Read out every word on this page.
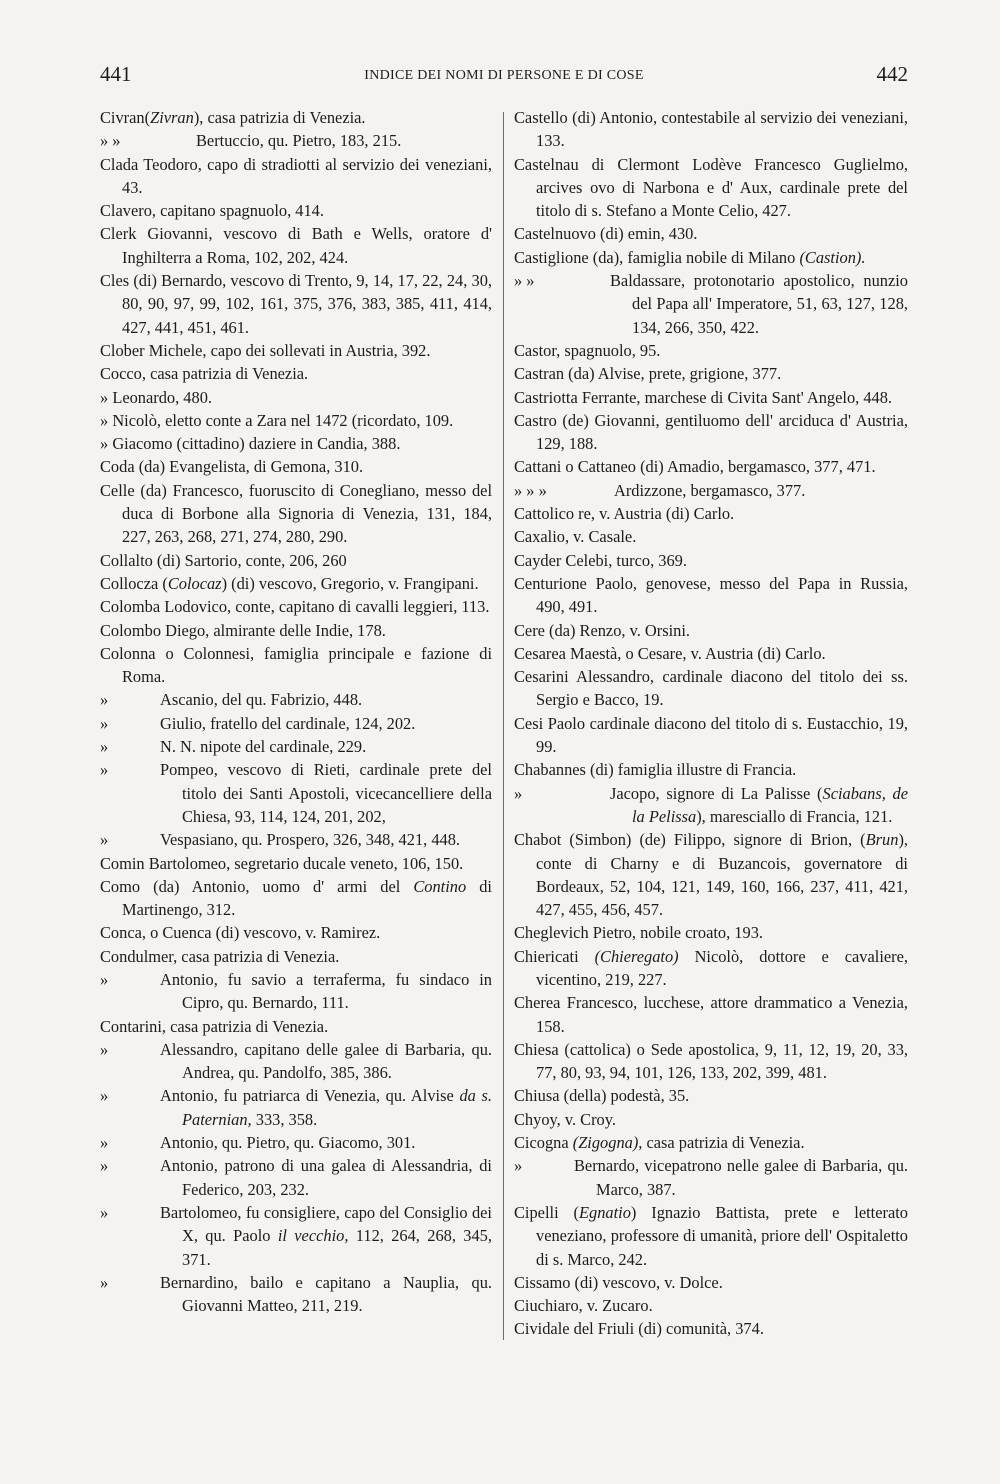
441	INDICE DEI NOMI DI PERSONE E DI COSE	442

Civran(Zivran), casa patrizia di Venezia.

» »	Bertuccio, qu. Pietro, 183, 215.

Clada Teodoro, capo di stradiotti al servizio dei veneziani, 43.

Clavero, capitano spagnuolo, 414.

Clerk Giovanni, vescovo di Bath e Wells, oratore d' Inghilterra a Roma, 102, 202, 424.

Cles (di) Bernardo, vescovo di Trento, 9, 14, 17, 22, 24, 30, 80, 90, 97, 99, 102, 161, 375, 376, 383, 385, 411, 414, 427, 441, 451, 461.

Clober Michele, capo dei sollevati in Austria, 392.

Cocco, casa patrizia di Venezia.

» Leonardo, 480.

» Nicolò, eletto conte a Zara nel 1472 (ricordato, 109.

» Giacomo (cittadino) daziere in Candia, 388.

Coda (da) Evangelista, di Gemona, 310.

Celle (da) Francesco, fuoruscito di Conegliano, messo del duca di Borbone alla Signoria di Venezia, 131, 184, 227, 263, 268, 271, 274, 280, 290.

Collalto (di) Sartorio, conte, 206, 260

Collocza (Colocaz) (di) vescovo, Gregorio, v. Frangipani.

Colomba Lodovico, conte, capitano di cavalli leggieri, 113.

Colombo Diego, almirante delle Indie, 178.

Colonna o Colonnesi, famiglia principale e fazione di Roma.

»	Ascanio, del qu. Fabrizio, 448.

»	Giulio, fratello del cardinale, 124, 202.

»	N. N. nipote del cardinale, 229.

»	Pompeo, vescovo di Rieti, cardinale prete del titolo dei Santi Apostoli, vicecancelliere della Chiesa, 93, 114, 124, 201, 202,

»	Vespasiano, qu. Prospero, 326, 348, 421, 448.

Comin Bartolomeo, segretario ducale veneto, 106, 150.

Como (da) Antonio, uomo d' armi del Contino di Martinengo, 312.

Conca, o Cuenca (di) vescovo, v. Ramirez.

Condulmer, casa patrizia di Venezia.

»	Antonio, fu savio a terraferma, fu sindaco in Cipro, qu. Bernardo, 111.

Contarini, casa patrizia di Venezia.

»	Alessandro, capitano delle galee di Barbaria, qu. Andrea, qu. Pandolfo, 385, 386.

»	Antonio, fu patriarca di Venezia, qu. Alvise da s. Paternian, 333, 358.

»	Antonio, qu. Pietro, qu. Giacomo, 301.

»	Antonio, patrono di una galea di Alessandria, di Federico, 203, 232.

»	Bartolomeo, fu consigliere, capo del Consiglio dei X, qu. Paolo il vecchio, 112, 264, 268, 345, 371.

»	Bernardino, bailo e capitano a Nauplia, qu. Giovanni Matteo, 211, 219.

Castello (di) Antonio, contestabile al servizio dei veneziani, 133.

Castelnau di Clermont Lodève Francesco Guglielmo, arcives ovo di Narbona e d' Aux, cardinale prete del titolo di s. Stefano a Monte Celio, 427.

Castelnuovo (di) emin, 430.

Castiglione (da), famiglia nobile di Milano (Castion).

» »	Baldassare, protonotario apostolico, nunzio del Papa all' Imperatore, 51, 63, 127, 128, 134, 266, 350, 422.

Castor, spagnuolo, 95.

Castran (da) Alvise, prete, grigione, 377.

Castriotta Ferrante, marchese di Civita Sant' Angelo, 448.

Castro (de) Giovanni, gentiluomo dell' arciduca d' Austria, 129, 188.

Cattani o Cattaneo (di) Amadio, bergamasco, 377, 471.

» » »	Ardizzone, bergamasco, 377.

Cattolico re, v. Austria (di) Carlo.

Caxalio, v. Casale.

Cayder Celebi, turco, 369.

Centurione Paolo, genovese, messo del Papa in Russia, 490, 491.

Cere (da) Renzo, v. Orsini.

Cesarea Maestà, o Cesare, v. Austria (di) Carlo.

Cesarini Alessandro, cardinale diacono del titolo dei ss. Sergio e Bacco, 19.

Cesi Paolo cardinale diacono del titolo di s. Eustacchio, 19, 99.

Chabannes (di) famiglia illustre di Francia.

»	Jacopo, signore di La Palisse (Sciabans, de la Pelissa), maresciallo di Francia, 121.

Chabot (Simbon) (de) Filippo, signore di Brion, (Brun), conte di Charny e di Buzancois, governatore di Bordeaux, 52, 104, 121, 149, 160, 166, 237, 411, 421, 427, 455, 456, 457.

Cheglevich Pietro, nobile croato, 193.

Chiericati (Chieregato) Nicolò, dottore e cavaliere, vicentino, 219, 227.

Cherea Francesco, lucchese, attore drammatico a Venezia, 158.

Chiesa (cattolica) o Sede apostolica, 9, 11, 12, 19, 20, 33, 77, 80, 93, 94, 101, 126, 133, 202, 399, 481.

Chiusa (della) podestà, 35.

Chyoy, v. Croy.

Cicogna (Zigogna), casa patrizia di Venezia.

»	Bernardo, vicepatrono nelle galee di Barbaria, qu. Marco, 387.

Cipelli (Egnatio) Ignazio Battista, prete e letterato veneziano, professore di umanità, priore dell' Ospitaletto di s. Marco, 242.

Cissamo (di) vescovo, v. Dolce.

Ciuchiaro, v. Zucaro.

Cividale del Friuli (di) comunità, 374.
